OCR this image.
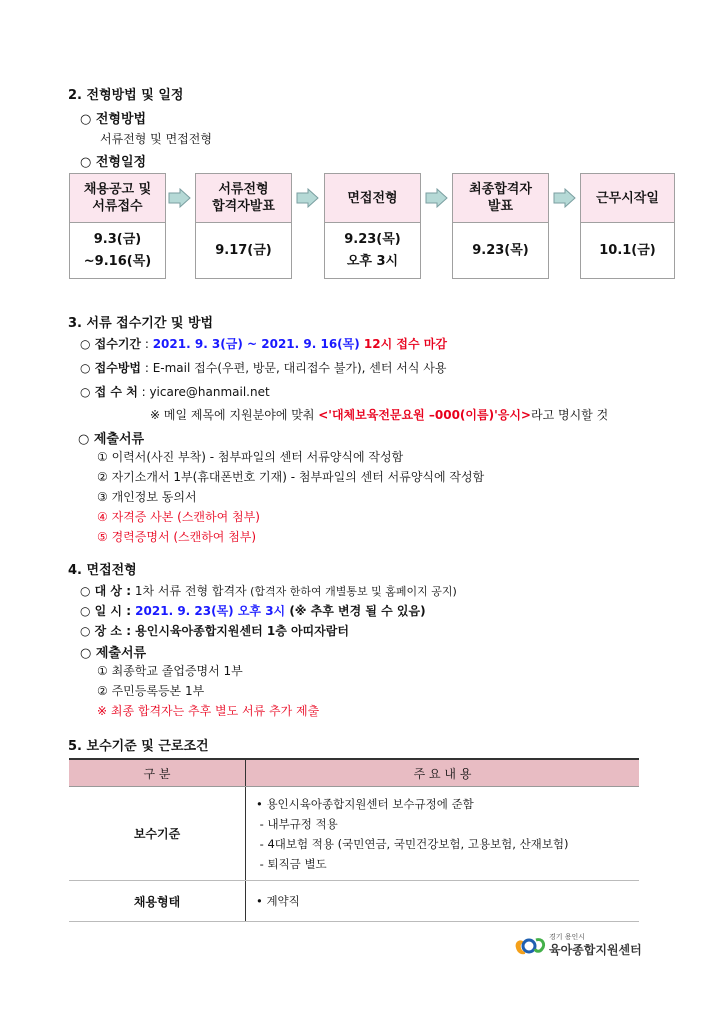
2. 전형방법 및 일정
○ 전형방법
서류전형 및 면접전형
○ 전형일정
채용공고 및
서류접수
9.3(금)
~9.16(목)
서류전형
합격자발표
9.17(금)
면접전형
9.23(목)
오후 3시
최종합격자
발표
9.23(목)
근무시작일
10.1(금)
3. 서류 접수기간 및 방법
○ 접수기간 : 2021. 9. 3(금) ~ 2021. 9. 16(목) 12시 접수 마감
○ 접수방법 : E-mail 접수(우편, 방문, 대리접수 불가), 센터 서식 사용
○ 접 수 처 : yicare@hanmail.net
※ 메일 제목에 지원분야에 맞춰 <'대체보육전문요원 –000(이름)'응시>라고 명시할 것
○ 제출서류
① 이력서(사진 부착) - 첨부파일의 센터 서류양식에 작성함
② 자기소개서 1부(휴대폰번호 기재) - 첨부파일의 센터 서류양식에 작성함
③ 개인정보 동의서
④ 자격증 사본 (스캔하여 첨부)
⑤ 경력증명서 (스캔하여 첨부)
4. 면접전형
○ 대 상 : 1차 서류 전형 합격자 (합격자 한하여 개별통보 및 홈페이지 공지)
○ 일 시 : 2021. 9. 23(목) 오후 3시 (※ 추후 변경 될 수 있음)
○ 장 소 : 용인시육아종합지원센터 1층 아띠자람터
○ 제출서류
① 최종학교 졸업증명서 1부
② 주민등록등본 1부
※ 최종 합격자는 추후 별도 서류 추가 제출
5. 보수기준 및 근로조건
구 분	주 요 내 용
보수기준	• 용인시육아종합지원센터 보수규정에 준함
- 내부규정 적용
- 4대보험 적용 (국민연금, 국민건강보험, 고용보험, 산재보험)
- 퇴직금 별도

채용형태	• 계약직
경기 용인시
육아종합지원센터
